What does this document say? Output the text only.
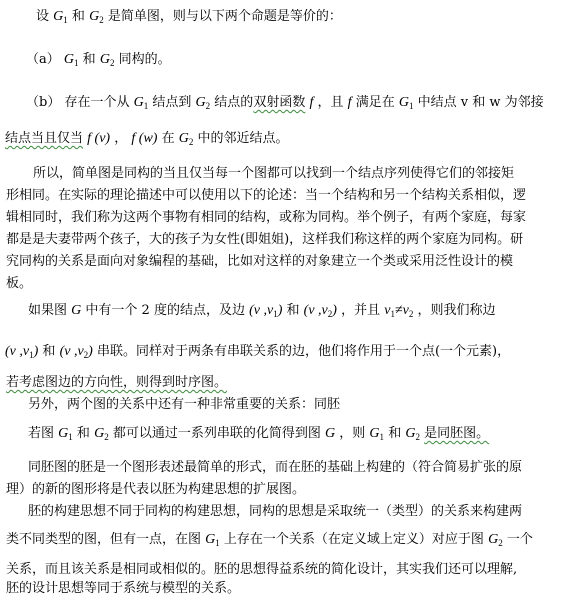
设 $G_1$ 和 $G_2$ 是简单图，则与以下两个命题是等价的：
（a） $G_1$ 和 $G_2$ 同构的。
（b） 存在一个从 $G_1$ 结点到 $G_2$ 结点的双射函数 f ，且 f 满足在 $G_1$ 中结点 v 和 w 为邻接
结点当且仅当 f (v) ， f (w) 在 $G_2$ 中的邻近结点。
所以，简单图是同构的当且仅当每一个图都可以找到一个结点序列使得它们的邻接矩
形相同。在实际的理论描述中可以使用以下的论述：当一个结构和另一个结构关系相似，逻
辑相同时，我们称为这两个事物有相同的结构，或称为同构。举个例子，有两个家庭，每家
都是是夫妻带两个孩子，大的孩子为女性(即姐姐)，这样我们称这样的两个家庭为同构。研
究同构的关系是面向对象编程的基础，比如对这样的对象建立一个类或采用泛性设计的模
板。
如果图 G 中有一个 2 度的结点，及边 (v $,v_1$) 和 (v $,v_2$) ，并且 $v_1\ne v_2$ ，则我们称边
(v $,v_1$) 和 (v $,v_2$) 串联。同样对于两条有串联关系的边，他们将作用于一个点(一个元素)，
若考虑图边的方向性，则得到时序图。
另外，两个图的关系中还有一种非常重要的关系：同胚
若图 $G_1$ 和 $G_2$ 都可以通过一系列串联的化简得到图 G ，则 $G_1$ 和 $G_2$ 是同胚图。
同胚图的胚是一个图形表述最简单的形式，而在胚的基础上构建的（符合简易扩张的原
理）的新的图形将是代表以胚为构建思想的扩展图。
胚的构建思想不同于同构的构建思想，同构的思想是采取统一（类型）的关系来构建两
类不同类型的图，但有一点，在图 $G_1$ 上存在一个关系（在定义域上定义）对应于图 $G_2$ 一个
关系，而且该关系是相同或相似的。胚的思想得益系统的简化设计，其实我们还可以理解,
胚的设计思想等同于系统与模型的关系。
